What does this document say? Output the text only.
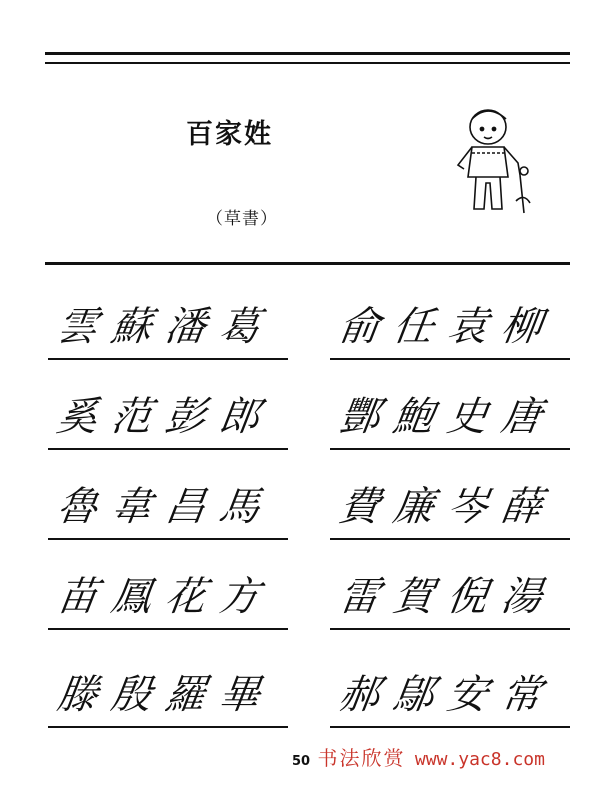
百家姓
（草書）
雲蘇潘葛
奚范彭郎
魯韋昌馬
苗鳳花方
滕殷羅畢
俞任袁柳
酆鮑史唐
費廉岑薛
雷賀倪湯
郝鄔安常
50 书法欣赏 www.yac8.com
